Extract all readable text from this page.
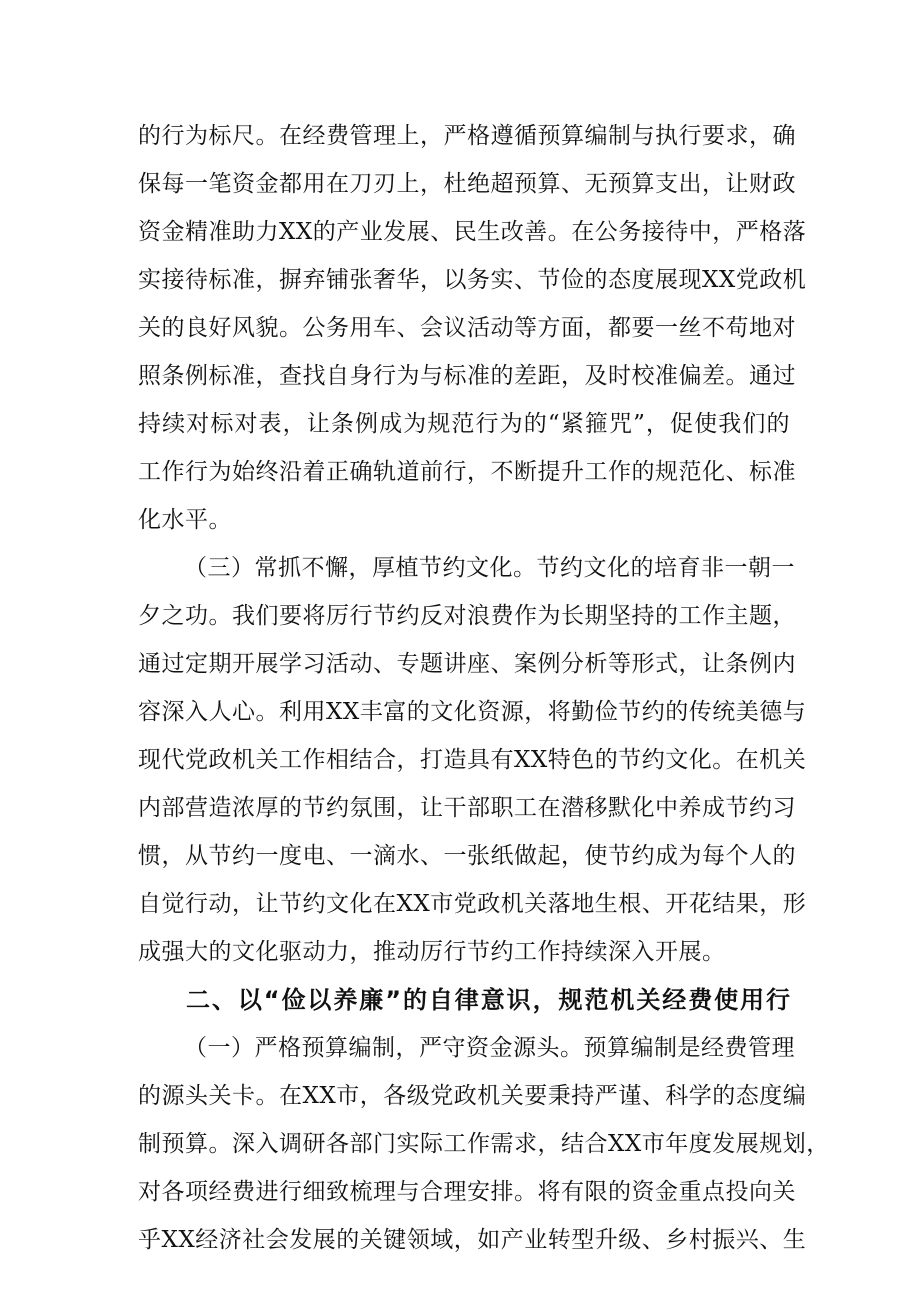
的行为标尺。在经费管理上，严格遵循预算编制与执行要求，确
保每一笔资金都用在刀刃上，杜绝超预算、无预算支出，让财政
资金精准助力XX的产业发展、民生改善。在公务接待中，严格落
实接待标准，摒弃铺张奢华，以务实、节俭的态度展现XX党政机
关的良好风貌。公务用车、会议活动等方面，都要一丝不苟地对
照条例标准，查找自身行为与标准的差距，及时校准偏差。通过
持续对标对表，让条例成为规范行为的“紧箍咒”，促使我们的
工作行为始终沿着正确轨道前行，不断提升工作的规范化、标准
化水平。
（三）常抓不懈，厚植节约文化。节约文化的培育非一朝一
夕之功。我们要将厉行节约反对浪费作为长期坚持的工作主题，
通过定期开展学习活动、专题讲座、案例分析等形式，让条例内
容深入人心。利用XX丰富的文化资源，将勤俭节约的传统美德与
现代党政机关工作相结合，打造具有XX特色的节约文化。在机关
内部营造浓厚的节约氛围，让干部职工在潜移默化中养成节约习
惯，从节约一度电、一滴水、一张纸做起，使节约成为每个人的
自觉行动，让节约文化在XX市党政机关落地生根、开花结果，形
成强大的文化驱动力，推动厉行节约工作持续深入开展。
二、以“俭以养廉”的自律意识，规范机关经费使用行
（一）严格预算编制，严守资金源头。预算编制是经费管理
的源头关卡。在XX市，各级党政机关要秉持严谨、科学的态度编
制预算。深入调研各部门实际工作需求，结合XX市年度发展规划，
对各项经费进行细致梳理与合理安排。将有限的资金重点投向关
乎XX经济社会发展的关键领域，如产业转型升级、乡村振兴、生
